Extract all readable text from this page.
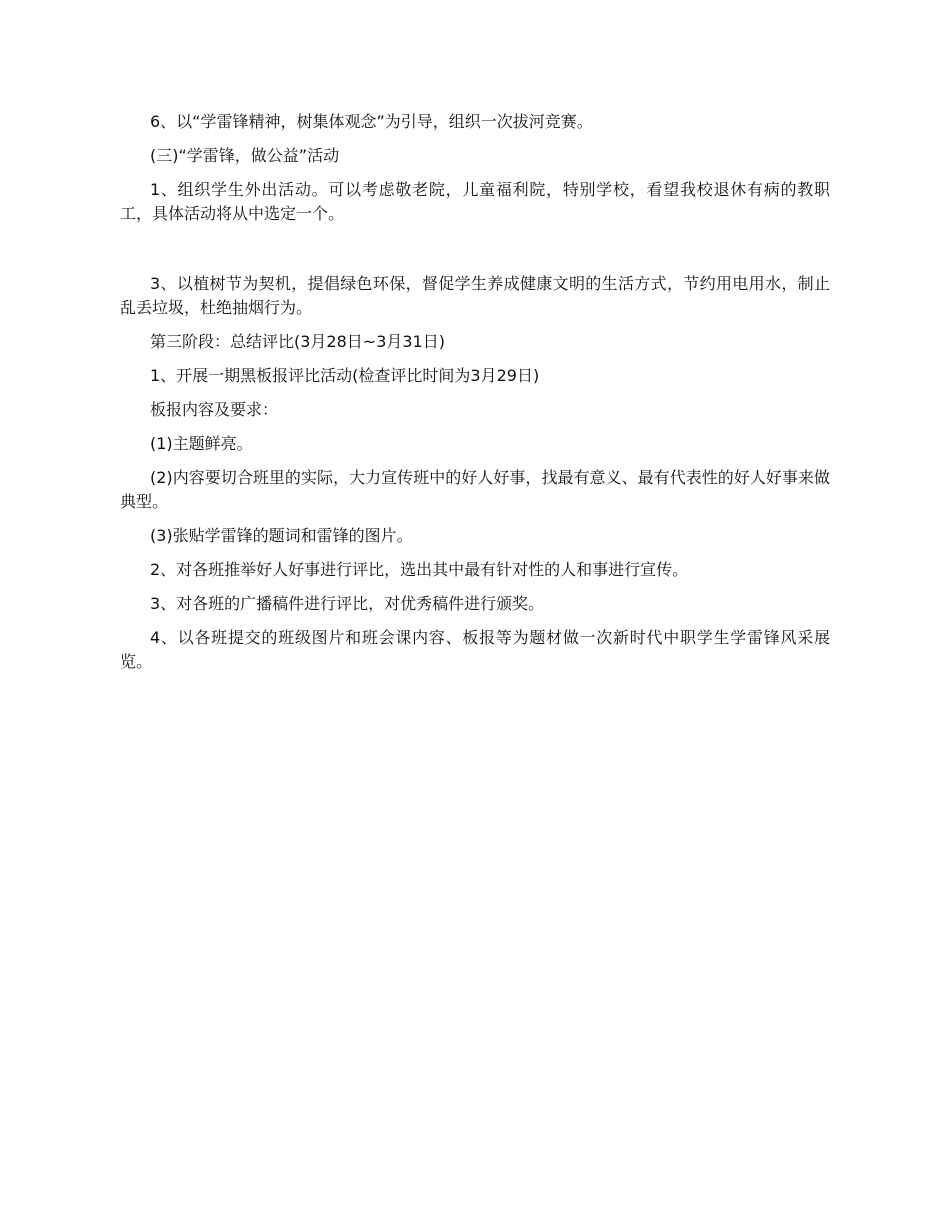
6、以“学雷锋精神，树集体观念”为引导，组织一次拔河竞赛。

(三)“学雷锋，做公益”活动

1、组织学生外出活动。可以考虑敬老院，儿童福利院，特别学校，看望我校退休有病的教职工，具体活动将从中选定一个。

3、以植树节为契机，提倡绿色环保，督促学生养成健康文明的生活方式，节约用电用水，制止乱丢垃圾，杜绝抽烟行为。

第三阶段：总结评比(3月28日~3月31日)

1、开展一期黑板报评比活动(检查评比时间为3月29日)

板报内容及要求：

(1)主题鲜亮。

(2)内容要切合班里的实际，大力宣传班中的好人好事，找最有意义、最有代表性的好人好事来做典型。

(3)张贴学雷锋的题词和雷锋的图片。

2、对各班推举好人好事进行评比，选出其中最有针对性的人和事进行宣传。

3、对各班的广播稿件进行评比，对优秀稿件进行颁奖。

4、以各班提交的班级图片和班会课内容、板报等为题材做一次新时代中职学生学雷锋风采展览。
